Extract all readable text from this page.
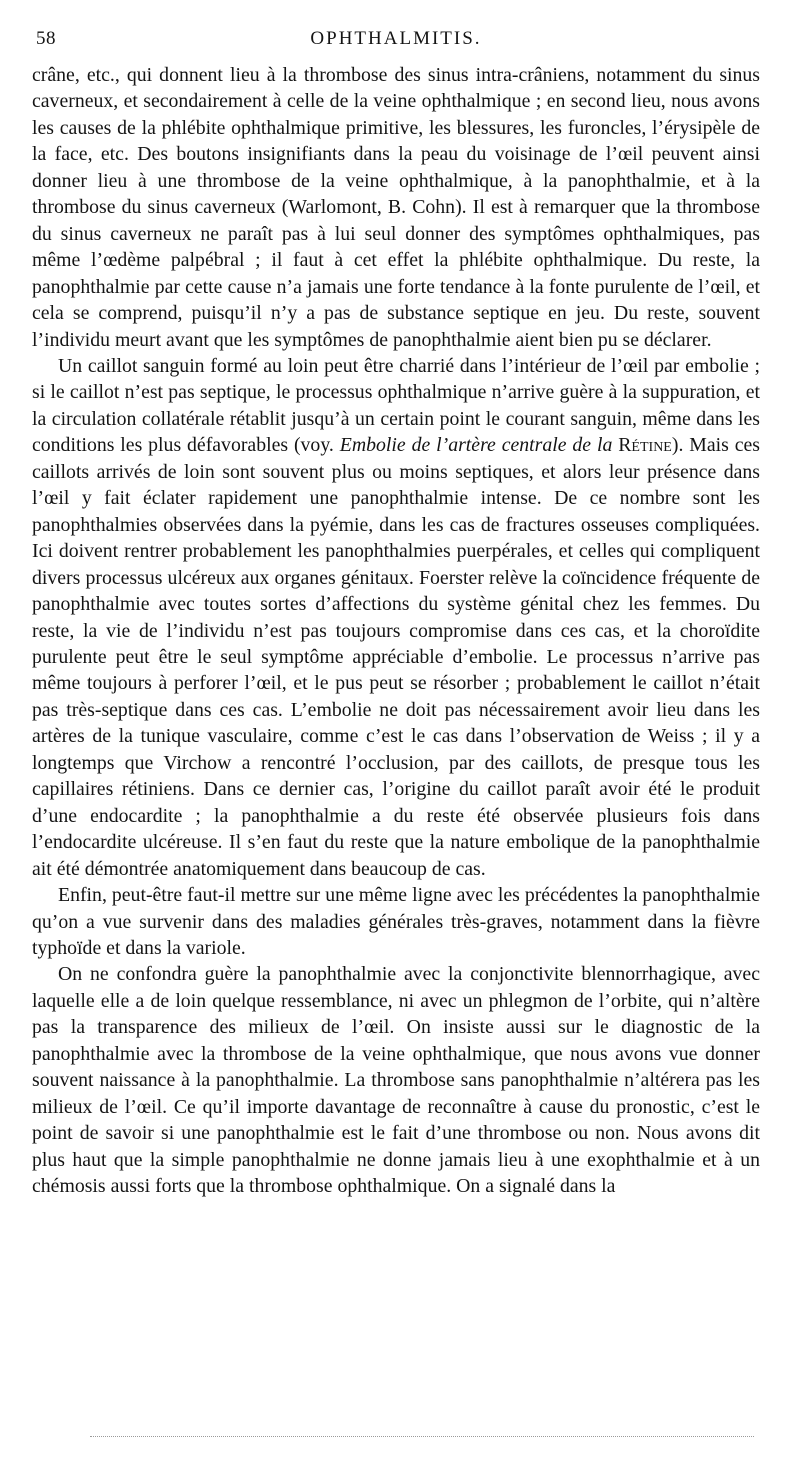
58	OPHTHALMITIS.

crâne, etc., qui donnent lieu à la thrombose des sinus intra-crâniens, notamment du sinus caverneux, et secondairement à celle de la veine ophthalmique ; en second lieu, nous avons les causes de la phlébite ophthalmique primitive, les blessures, les furoncles, l’érysipèle de la face, etc. Des boutons insignifiants dans la peau du voisinage de l’œil peuvent ainsi donner lieu à une thrombose de la veine ophthalmique, à la panophthalmie, et à la thrombose du sinus caverneux (Warlomont, B. Cohn). Il est à remarquer que la thrombose du sinus caverneux ne paraît pas à lui seul donner des symptômes ophthalmiques, pas même l’œdème palpébral ; il faut à cet effet la phlébite ophthalmique. Du reste, la panophthalmie par cette cause n’a jamais une forte tendance à la fonte purulente de l’œil, et cela se comprend, puisqu’il n’y a pas de substance septique en jeu. Du reste, souvent l’individu meurt avant que les symptômes de panophthalmie aient bien pu se déclarer.

Un caillot sanguin formé au loin peut être charrié dans l’intérieur de l’œil par embolie ; si le caillot n’est pas septique, le processus ophthalmique n’arrive guère à la suppuration, et la circulation collatérale rétablit jusqu’à un certain point le courant sanguin, même dans les conditions les plus défavorables (voy. Embolie de l’artère centrale de la Rétine). Mais ces caillots arrivés de loin sont souvent plus ou moins septiques, et alors leur présence dans l’œil y fait éclater rapidement une panophthalmie intense. De ce nombre sont les panophthalmies observées dans la pyémie, dans les cas de fractures osseuses compliquées. Ici doivent rentrer probablement les panophthalmies puerpérales, et celles qui compliquent divers processus ulcéreux aux organes génitaux. Foerster relève la coïncidence fréquente de panophthalmie avec toutes sortes d’affections du système génital chez les femmes. Du reste, la vie de l’individu n’est pas toujours compromise dans ces cas, et la choroïdite purulente peut être le seul symptôme appréciable d’embolie. Le processus n’arrive pas même toujours à perforer l’œil, et le pus peut se résorber ; probablement le caillot n’était pas très-septique dans ces cas. L’embolie ne doit pas nécessairement avoir lieu dans les artères de la tunique vasculaire, comme c’est le cas dans l’observation de Weiss ; il y a longtemps que Virchow a rencontré l’occlusion, par des caillots, de presque tous les capillaires rétiniens. Dans ce dernier cas, l’origine du caillot paraît avoir été le produit d’une endocardite ; la panophthalmie a du reste été observée plusieurs fois dans l’endocardite ulcéreuse. Il s’en faut du reste que la nature embolique de la panophthalmie ait été démontrée anatomiquement dans beaucoup de cas.

Enfin, peut-être faut-il mettre sur une même ligne avec les précédentes la panophthalmie qu’on a vue survenir dans des maladies générales très-graves, notamment dans la fièvre typhoïde et dans la variole.

On ne confondra guère la panophthalmie avec la conjonctivite blennorrhagique, avec laquelle elle a de loin quelque ressemblance, ni avec un phlegmon de l’orbite, qui n’altère pas la transparence des milieux de l’œil. On insiste aussi sur le diagnostic de la panophthalmie avec la thrombose de la veine ophthalmique, que nous avons vue donner souvent naissance à la panophthalmie. La thrombose sans panophthalmie n’altérera pas les milieux de l’œil. Ce qu’il importe davantage de reconnaître à cause du pronostic, c’est le point de savoir si une panophthalmie est le fait d’une thrombose ou non. Nous avons dit plus haut que la simple panophthalmie ne donne jamais lieu à une exophthalmie et à un chémosis aussi forts que la thrombose ophthalmique. On a signalé dans la
